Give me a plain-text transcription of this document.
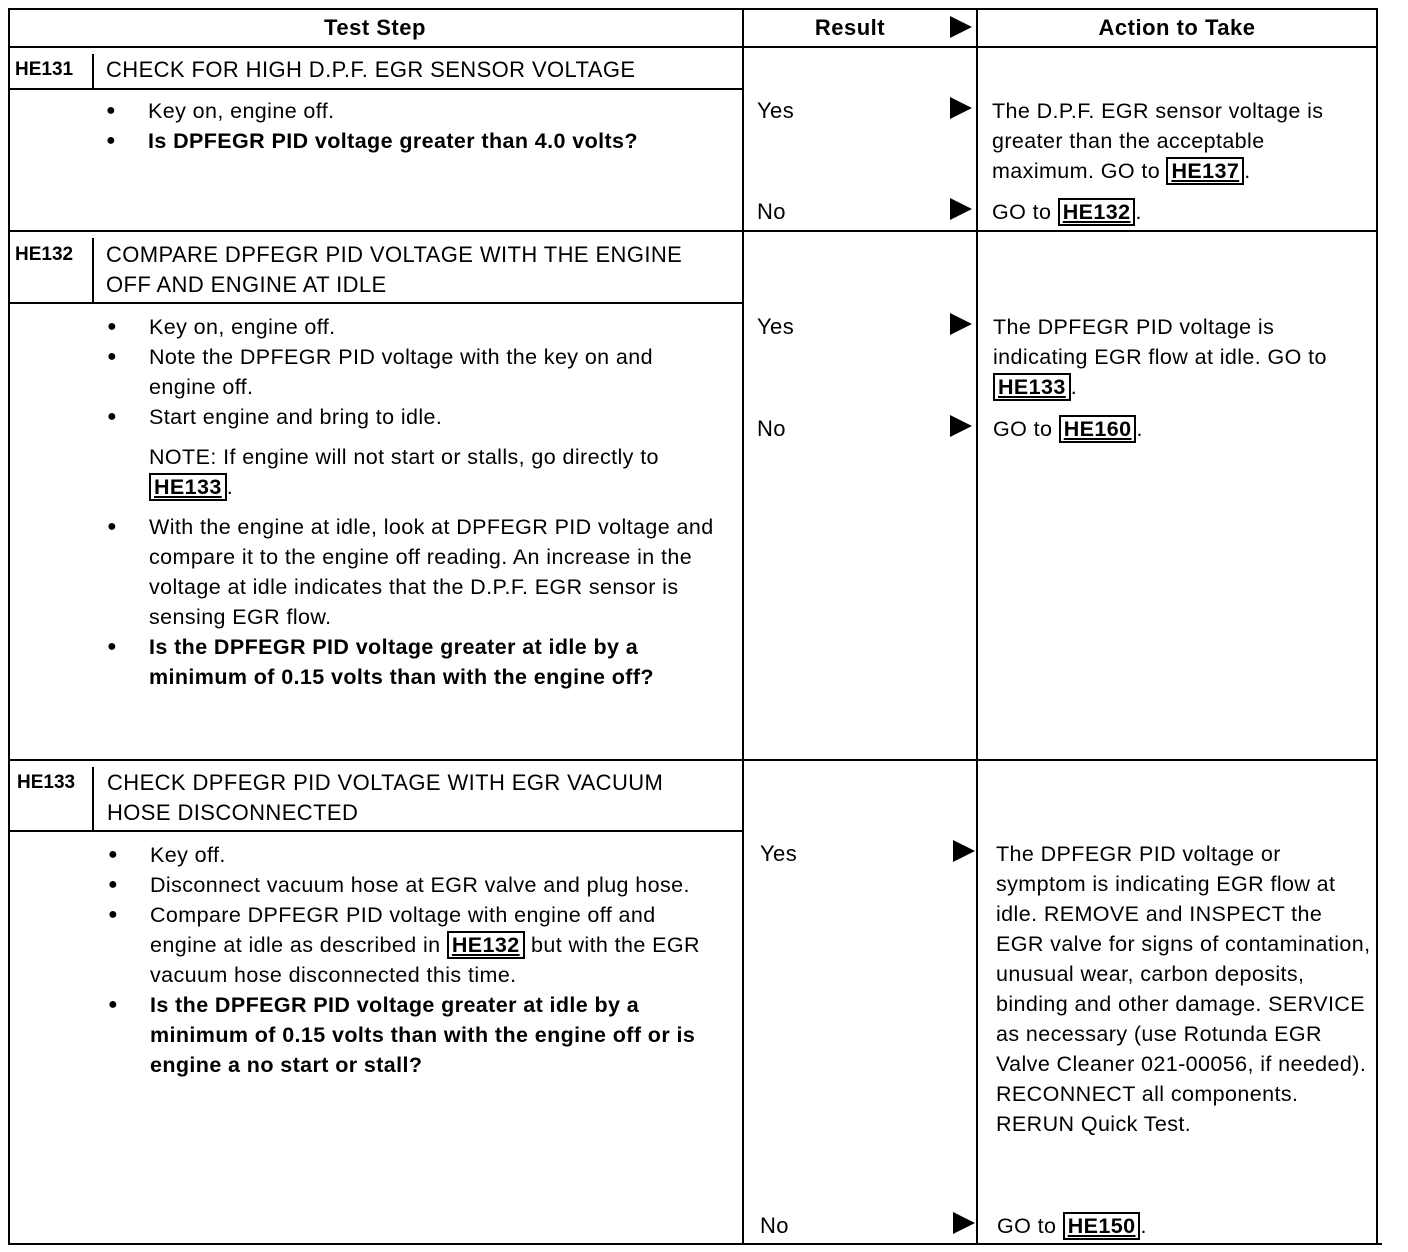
Test Step	Result	Action to Take
HE131 CHECK FOR HIGH D.P.F. EGR SENSOR VOLTAGE
● Key on, engine off.
● Is DPFEGR PID voltage greater than 4.0 volts?
Yes	The D.P.F. EGR sensor voltage is greater than the acceptable maximum. GO to HE137 .
No	GO to HE132 .
HE132 COMPARE DPFEGR PID VOLTAGE WITH THE ENGINE OFF AND ENGINE AT IDLE
● Key on, engine off.
● Note the DPFEGR PID voltage with the key on and engine off.
● Start engine and bring to idle.
NOTE: If engine will not start or stalls, go directly to HE133 .
● With the engine at idle, look at DPFEGR PID voltage and compare it to the engine off reading. An increase in the voltage at idle indicates that the D.P.F. EGR sensor is sensing EGR flow.
● Is the DPFEGR PID voltage greater at idle by a minimum of 0.15 volts than with the engine off?
Yes	The DPFEGR PID voltage is indicating EGR flow at idle. GO to HE133 .
No	GO to HE160 .
HE133 CHECK DPFEGR PID VOLTAGE WITH EGR VACUUM HOSE DISCONNECTED
● Key off.
● Disconnect vacuum hose at EGR valve and plug hose.
● Compare DPFEGR PID voltage with engine off and engine at idle as described in HE132 but with the EGR vacuum hose disconnected this time.
● Is the DPFEGR PID voltage greater at idle by a minimum of 0.15 volts than with the engine off or is engine a no start or stall?
Yes	The DPFEGR PID voltage or symptom is indicating EGR flow at idle. REMOVE and INSPECT the EGR valve for signs of contamination, unusual wear, carbon deposits, binding and other damage. SERVICE as necessary (use Rotunda EGR Valve Cleaner 021-00056, if needed). RECONNECT all components. RERUN Quick Test.
No	GO to HE150 .
